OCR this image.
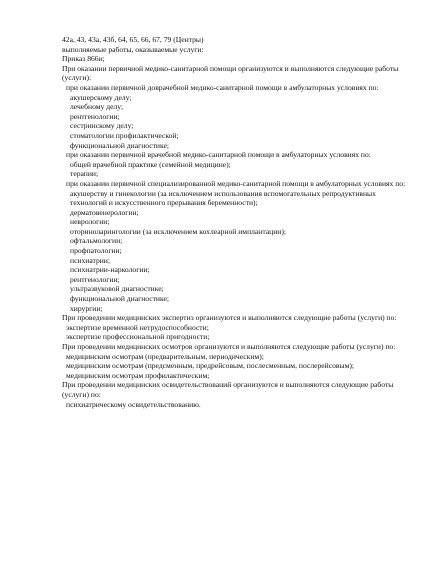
42а, 43, 43а, 43б, 64, 65, 66, 67, 79 (Центры)
выполняемые работы, оказываемые услуги:
Приказ 866н;
При оказании первичной медико-санитарной помощи организуются и выполняются следующие работы (услуги):
при оказании первичной доврачебной медико-санитарной помощи в амбулаторных условиях по:
акушерскому делу;
лечебному делу;
рентгенологии;
сестринскому делу;
стоматологии профилактической;
функциональной диагностике;
при оказании первичной врачебной медико-санитарной помощи в амбулаторных условиях по:
общей врачебной практике (семейной медицине);
терапии;
при оказании первичной специализированной медико-санитарной помощи в амбулаторных условиях по:
акушерству и гинекологии (за исключением использования вспомогательных репродуктивных технологий и искусственного прерывания беременности);
дерматовенерологии;
неврологии;
оториноларингологии (за исключением кохлеарной имплантации);
офтальмологии;
профпатологии;
психиатрии;
психиатрии-наркологии;
рентгенологии;
ультразвуковой диагностике;
функциональной диагностике;
хирургии;
При проведении медицинских экспертиз организуются и выполняются следующие работы (услуги) по:
экспертизе временной нетрудоспособности;
экспертизе профессиональной пригодности;
При проведении медицинских осмотров организуются и выполняются следующие работы (услуги) по:
медицинским осмотрам (предварительным, периодическим);
медицинским осмотрам (предсменным, предрейсовым, послесменным, послерейсовым);
медицинским осмотрам профилактическим;
При проведении медицинских освидетельствований организуются и выполняются следующие работы (услуги) по:
психиатрическому освидетельствованию.
